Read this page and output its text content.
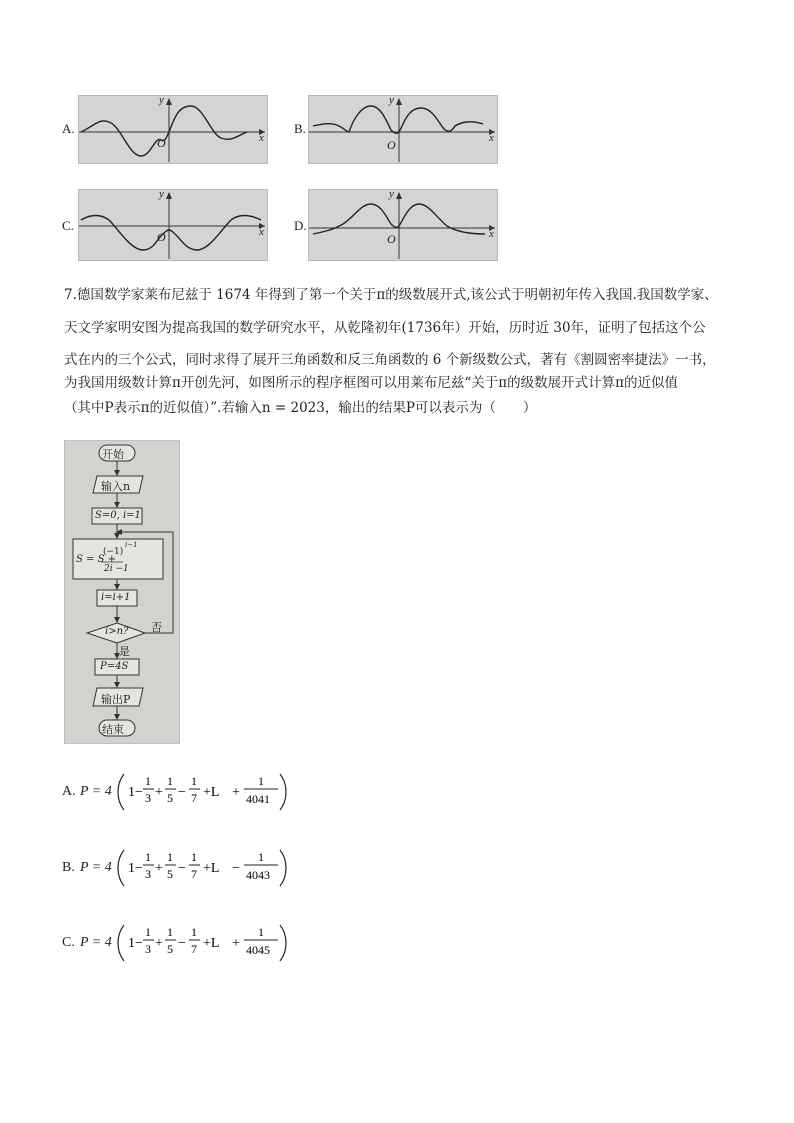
A.
y
x
O
B.
y
x
O
C.
y
x
O
D.
y
x
O
7.德国数学家莱布尼兹于 1674 年得到了第一个关于π的级数展开式,该公式于明朝初年传入我国.我国数学家、
天文学家明安图为提高我国的数学研究水平，从乾隆初年(1736年）开始，历时近 30年，证明了包括这个公
式在内的三个公式，同时求得了展开三角函数和反三角函数的 6 个新级数公式，著有《割圆密率捷法》一书，
为我国用级数计算π开创先河，如图所示的程序框图可以用莱布尼兹“关于π的级数展开式计算π的近似值
（其中P表示π的近似值）”.若输入n = 2023，输出的结果P可以表示为（　　）
开始
输入n
S=0, i=1
S = S +
(−1)
i−1
2i −1
i=i+1
i>n? 否
是
P=4S
输出P
结束
A. P = 4 1−
1
3 +
1
5 −
1
7 +L +
1
4041
B. P = 4 1−
1
3 +
1
5 −
1
7 +L −
1
4043
C. P = 4 1−
1
3 +
1
5 −
1
7 +L +
1
4045
